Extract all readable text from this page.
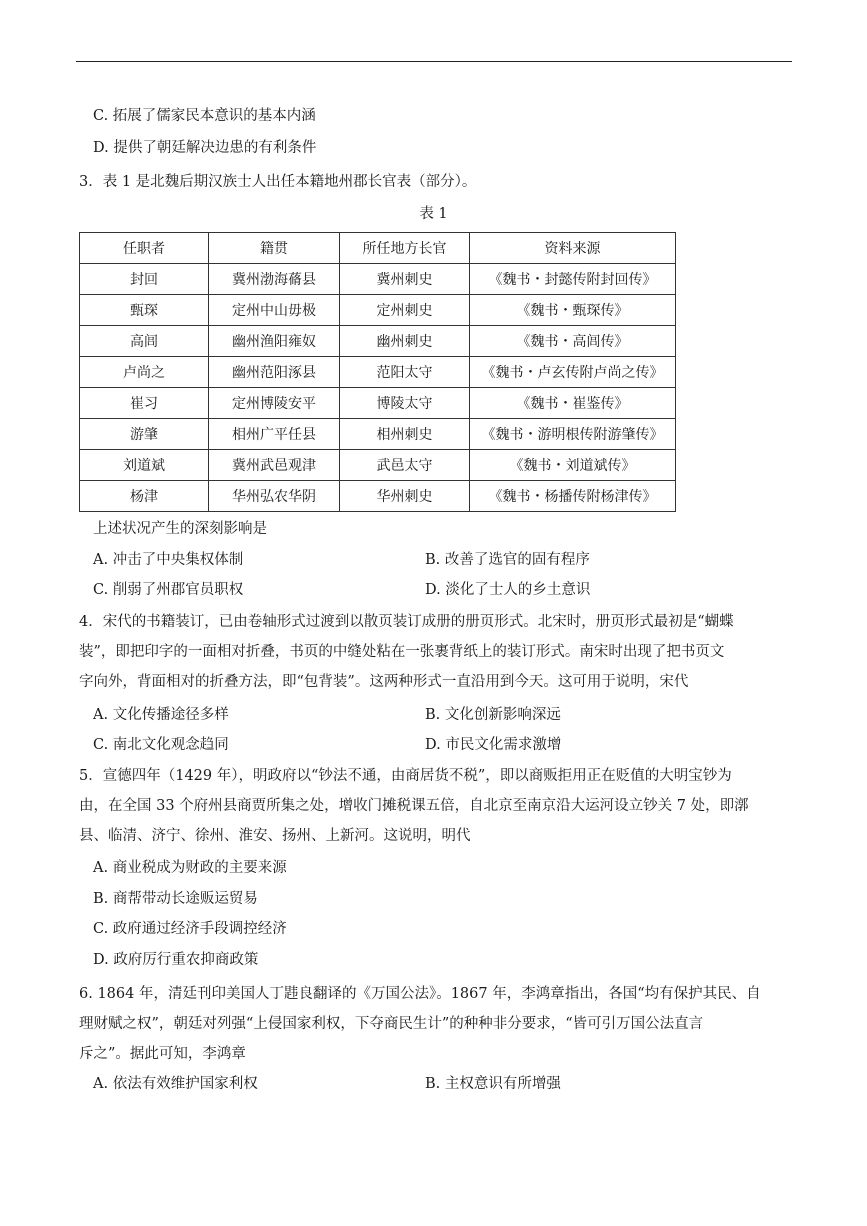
C. 拓展了儒家民本意识的基本内涵
D. 提供了朝廷解决边患的有利条件
3．表 1 是北魏后期汉族士人出任本籍地州郡长官表（部分）。
表 1
任职者	籍贯	所任地方长官	资料来源
封回	冀州渤海蓨县	冀州刺史	《魏书・封懿传附封回传》
甄琛	定州中山毋极	定州刺史	《魏书・甄琛传》
高闾	幽州渔阳雍奴	幽州刺史	《魏书・高闾传》
卢尚之	幽州范阳涿县	范阳太守	《魏书・卢玄传附卢尚之传》
崔习	定州博陵安平	博陵太守	《魏书・崔鉴传》
游肇	相州广平任县	相州刺史	《魏书・游明根传附游肇传》
刘道斌	冀州武邑观津	武邑太守	《魏书・刘道斌传》
杨津	华州弘农华阴	华州刺史	《魏书・杨播传附杨津传》
上述状况产生的深刻影响是
A. 冲击了中央集权体制	B. 改善了选官的固有程序
C. 削弱了州郡官员职权	D. 淡化了士人的乡土意识
4．宋代的书籍装订，已由卷轴形式过渡到以散页装订成册的册页形式。北宋时，册页形式最初是“蝴蝶
装”，即把印字的一面相对折叠，书页的中缝处粘在一张裹背纸上的装订形式。南宋时出现了把书页文
字向外，背面相对的折叠方法，即“包背装”。这两种形式一直沿用到今天。这可用于说明，宋代
A. 文化传播途径多样	B. 文化创新影响深远
C. 南北文化观念趋同	D. 市民文化需求激增
5．宣德四年（1429 年），明政府以“钞法不通，由商居货不税”，即以商贩拒用正在贬值的大明宝钞为
由，在全国 33 个府州县商贾所集之处，增收门摊税课五倍，自北京至南京沿大运河设立钞关 7 处，即漷
县、临清、济宁、徐州、淮安、扬州、上新河。这说明，明代
A. 商业税成为财政的主要来源
B. 商帮带动长途贩运贸易
C. 政府通过经济手段调控经济
D. 政府厉行重农抑商政策
6. 1864 年，清廷刊印美国人丁韪良翻译的《万国公法》。1867 年，李鸿章指出，各国“均有保护其民、自
理财赋之权”，朝廷对列强“上侵国家利权，下夺商民生计”的种种非分要求，“皆可引万国公法直言
斥之”。据此可知，李鸿章
A. 依法有效维护国家利权	B. 主权意识有所增强
